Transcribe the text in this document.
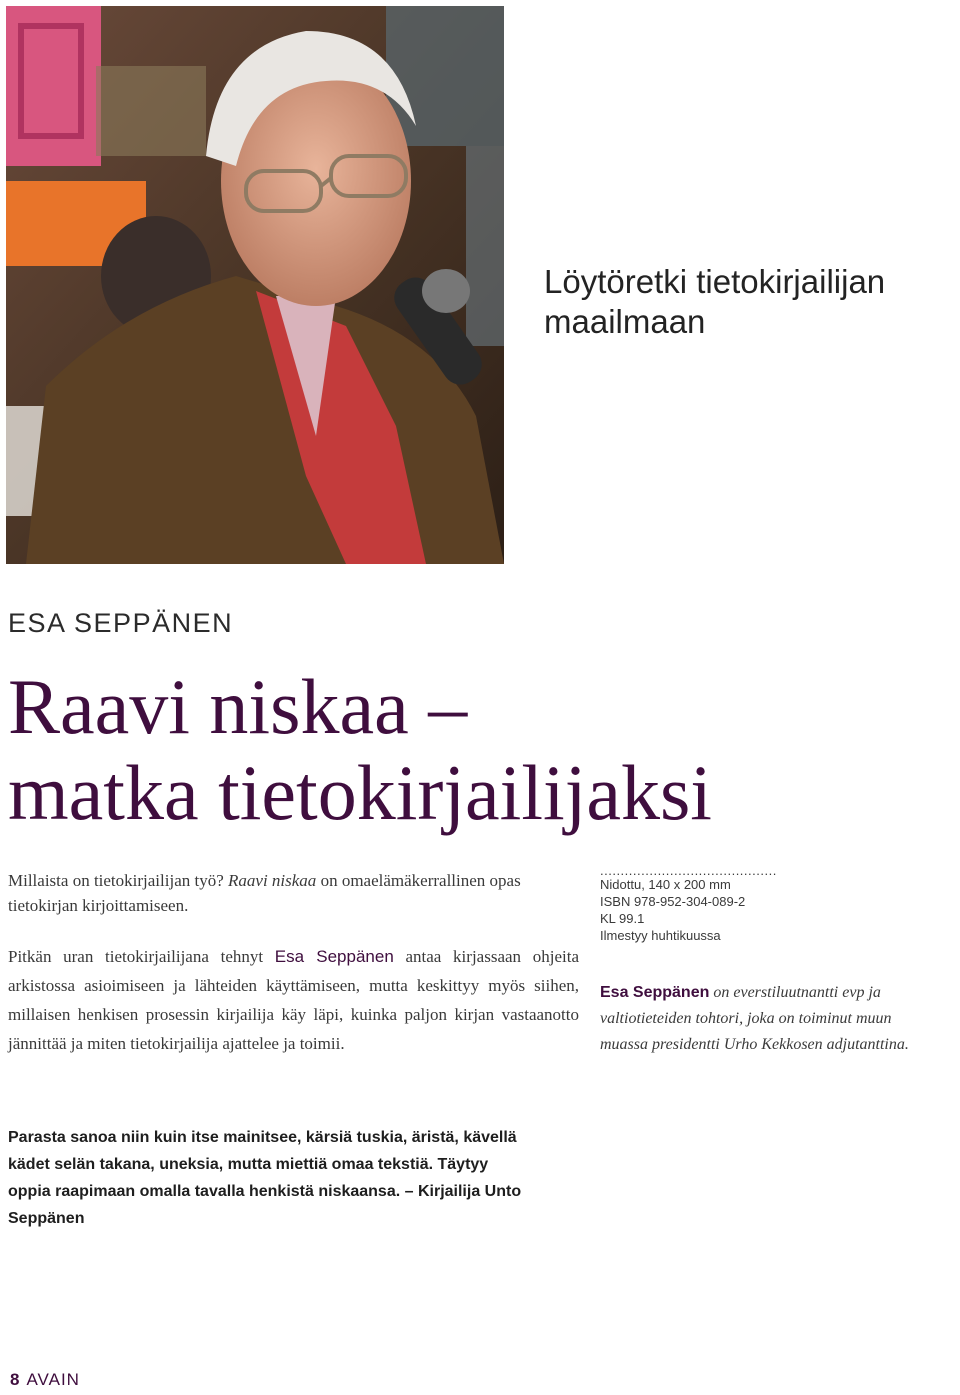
Löytöretki tietokirjailijan maailmaan
ESA SEPPÄNEN
Raavi niskaa –
matka tietokirjailijaksi
Millaista on tietokirjailijan työ? Raavi niskaa on omaelämäkerrallinen opas tietokirjan kirjoittamiseen.
Pitkän uran tietokirjailijana tehnyt Esa Seppänen antaa kirjassaan ohjeita arkistossa asioimiseen ja lähteiden käyttämiseen, mutta keskittyy myös siihen, millaisen henkisen prosessin kirjailija käy läpi, kuinka paljon kirjan vastaanotto jännittää ja miten tietokirjailija ajattelee ja toimii.
...........................................
Nidottu, 140 x 200 mm
ISBN 978-952-304-089-2
KL 99.1
Ilmestyy huhtikuussa
Esa Seppänen on everstiluutnantti evp ja valtiotieteiden tohtori, joka on toiminut muun muassa presidentti Urho Kekkosen adjutanttina.
Parasta sanoa niin kuin itse mainitsee, kärsiä tuskia, äristä, kävellä kädet selän takana, uneksia, mutta miettiä omaa tekstiä. Täytyy oppia raapimaan omalla tavalla henkistä niskaansa. – Kirjailija Unto Seppänen
8 AVAIN
